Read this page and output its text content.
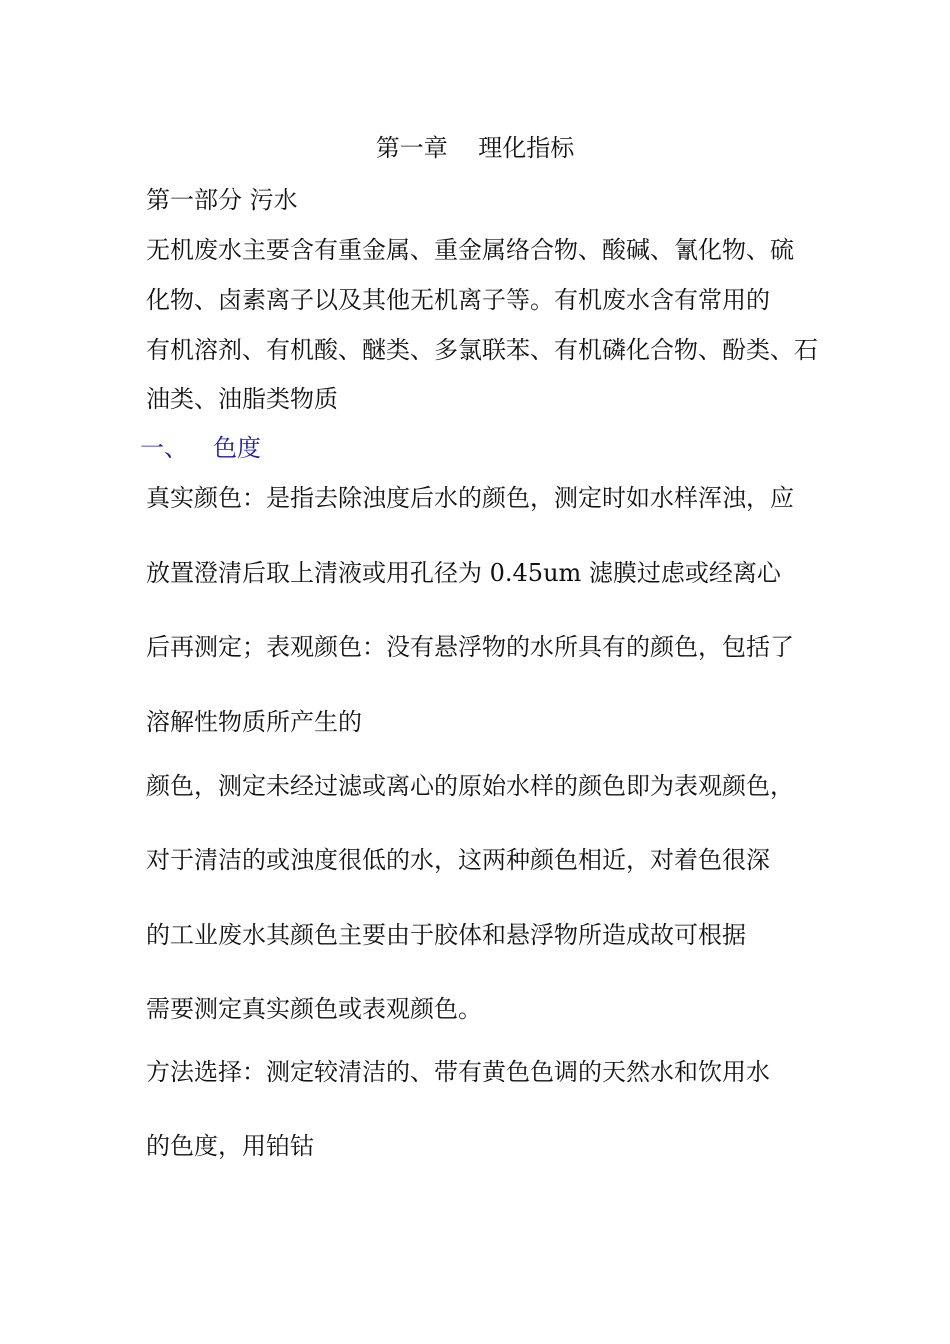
第一章    理化指标
第一部分 污水
无机废水主要含有重金属、重金属络合物、酸碱、氰化物、硫
化物、卤素离子以及其他无机离子等。有机废水含有常用的
有机溶剂、有机酸、醚类、多氯联苯、有机磷化合物、酚类、石
油类、油脂类物质
一、 色度
真实颜色：是指去除浊度后水的颜色，测定时如水样浑浊，应
放置澄清后取上清液或用孔径为 0.45um 滤膜过虑或经离心
后再测定；表观颜色：没有悬浮物的水所具有的颜色，包括了
溶解性物质所产生的
颜色，测定未经过滤或离心的原始水样的颜色即为表观颜色，
对于清洁的或浊度很低的水，这两种颜色相近，对着色很深
的工业废水其颜色主要由于胶体和悬浮物所造成故可根据
需要测定真实颜色或表观颜色。
方法选择：测定较清洁的、带有黄色色调的天然水和饮用水
的色度，用铂钴
